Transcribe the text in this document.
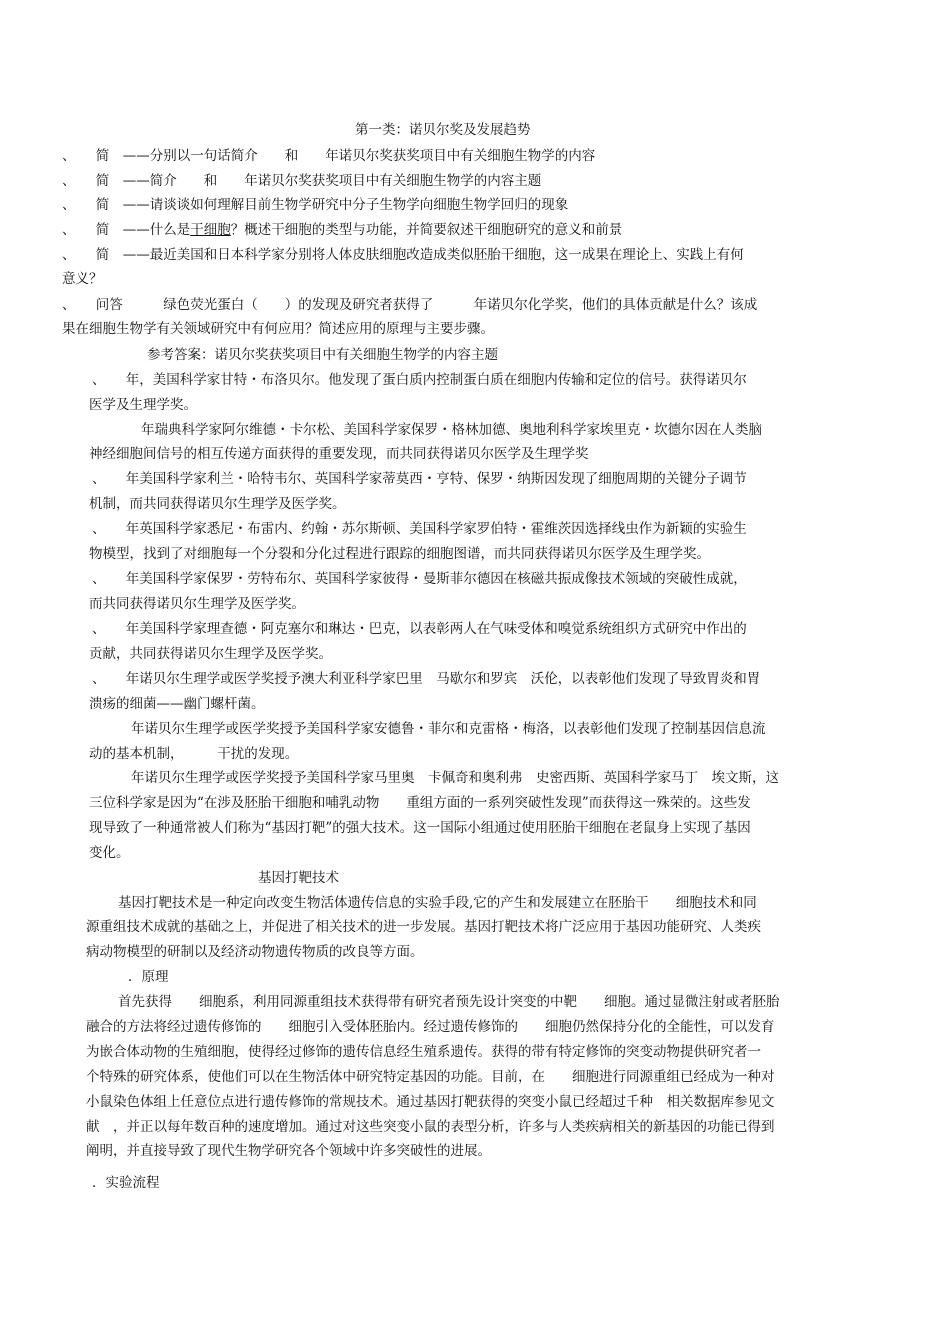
第一类：诺贝尔奖及发展趋势
、　　简　——分别以一句话简介　　和　　年诺贝尔奖获奖项目中有关细胞生物学的内容
、　　简　——简介　　和　　年诺贝尔奖获奖项目中有关细胞生物学的内容主题
、　　简　——请谈谈如何理解目前生物学研究中分子生物学向细胞生物学回归的现象
、　　简　——什么是干细胞？概述干细胞的类型与功能，并简要叙述干细胞研究的意义和前景
、　　简　——最近美国和日本科学家分别将人体皮肤细胞改造成类似胚胎干细胞，这一成果在理论上、实践上有何
意义？
、　　问答　　　绿色荧光蛋白（　　）的发现及研究者获得了　　　年诺贝尔化学奖，他们的具体贡献是什么？该成
果在细胞生物学有关领域研究中有何应用？简述应用的原理与主要步骤。
参考答案：诺贝尔奖获奖项目中有关细胞生物学的内容主题
、　　年，美国科学家甘特・布洛贝尔。他发现了蛋白质内控制蛋白质在细胞内传输和定位的信号。获得诺贝尔
医学及生理学奖。
年瑞典科学家阿尔维德・卡尔松、美国科学家保罗・格林加德、奥地利科学家埃里克・坎德尔因在人类脑
神经细胞间信号的相互传递方面获得的重要发现，而共同获得诺贝尔医学及生理学奖
、　　年美国科学家利兰・哈特韦尔、英国科学家蒂莫西・亨特、保罗・纳斯因发现了细胞周期的关键分子调节
机制，而共同获得诺贝尔生理学及医学奖。
、　　年英国科学家悉尼・布雷内、约翰・苏尔斯顿、美国科学家罗伯特・霍维茨因选择线虫作为新颖的实验生
物模型，找到了对细胞每一个分裂和分化过程进行跟踪的细胞图谱，而共同获得诺贝尔医学及生理学奖。
、　　年美国科学家保罗・劳特布尔、英国科学家彼得・曼斯菲尔德因在核磁共振成像技术领域的突破性成就，
而共同获得诺贝尔生理学及医学奖。
、　　年美国科学家理查德・阿克塞尔和琳达・巴克，以表彰两人在气味受体和嗅觉系统组织方式研究中作出的
贡献，共同获得诺贝尔生理学及医学奖。
、　　年诺贝尔生理学或医学奖授予澳大利亚科学家巴里　马歇尔和罗宾　沃伦，以表彰他们发现了导致胃炎和胃
溃疡的细菌——幽门螺杆菌。
年诺贝尔生理学或医学奖授予美国科学家安德鲁・菲尔和克雷格・梅洛，以表彰他们发现了控制基因信息流
动的基本机制，　　　干扰的发现。
年诺贝尔生理学或医学奖授予美国科学家马里奥　卡佩奇和奥利弗　史密西斯、英国科学家马丁　埃文斯，这
三位科学家是因为“在涉及胚胎干细胞和哺乳动物　　重组方面的一系列突破性发现”而获得这一殊荣的。这些发
现导致了一种通常被人们称为“基因打靶”的强大技术。这一国际小组通过使用胚胎干细胞在老鼠身上实现了基因
变化。
基因打靶技术
基因打靶技术是一种定向改变生物活体遗传信息的实验手段,它的产生和发展建立在胚胎干　　细胞技术和同
源重组技术成就的基础之上，并促进了相关技术的进一步发展。基因打靶技术将广泛应用于基因功能研究、人类疾
病动物模型的研制以及经济动物遗传物质的改良等方面。
．原理
首先获得　　细胞系，利用同源重组技术获得带有研究者预先设计突变的中靶　　细胞。通过显微注射或者胚胎
融合的方法将经过遗传修饰的　　细胞引入受体胚胎内。经过遗传修饰的　　细胞仍然保持分化的全能性，可以发育
为嵌合体动物的生殖细胞，使得经过修饰的遗传信息经生殖系遗传。获得的带有特定修饰的突变动物提供研究者一
个特殊的研究体系，使他们可以在生物活体中研究特定基因的功能。目前，在　　细胞进行同源重组已经成为一种对
小鼠染色体组上任意位点进行遗传修饰的常规技术。通过基因打靶获得的突变小鼠已经超过千种　相关数据库参见文
献　，并正以每年数百种的速度增加。通过对这些突变小鼠的表型分析，许多与人类疾病相关的新基因的功能已得到
阐明，并直接导致了现代生物学研究各个领域中许多突破性的进展。
．实验流程
